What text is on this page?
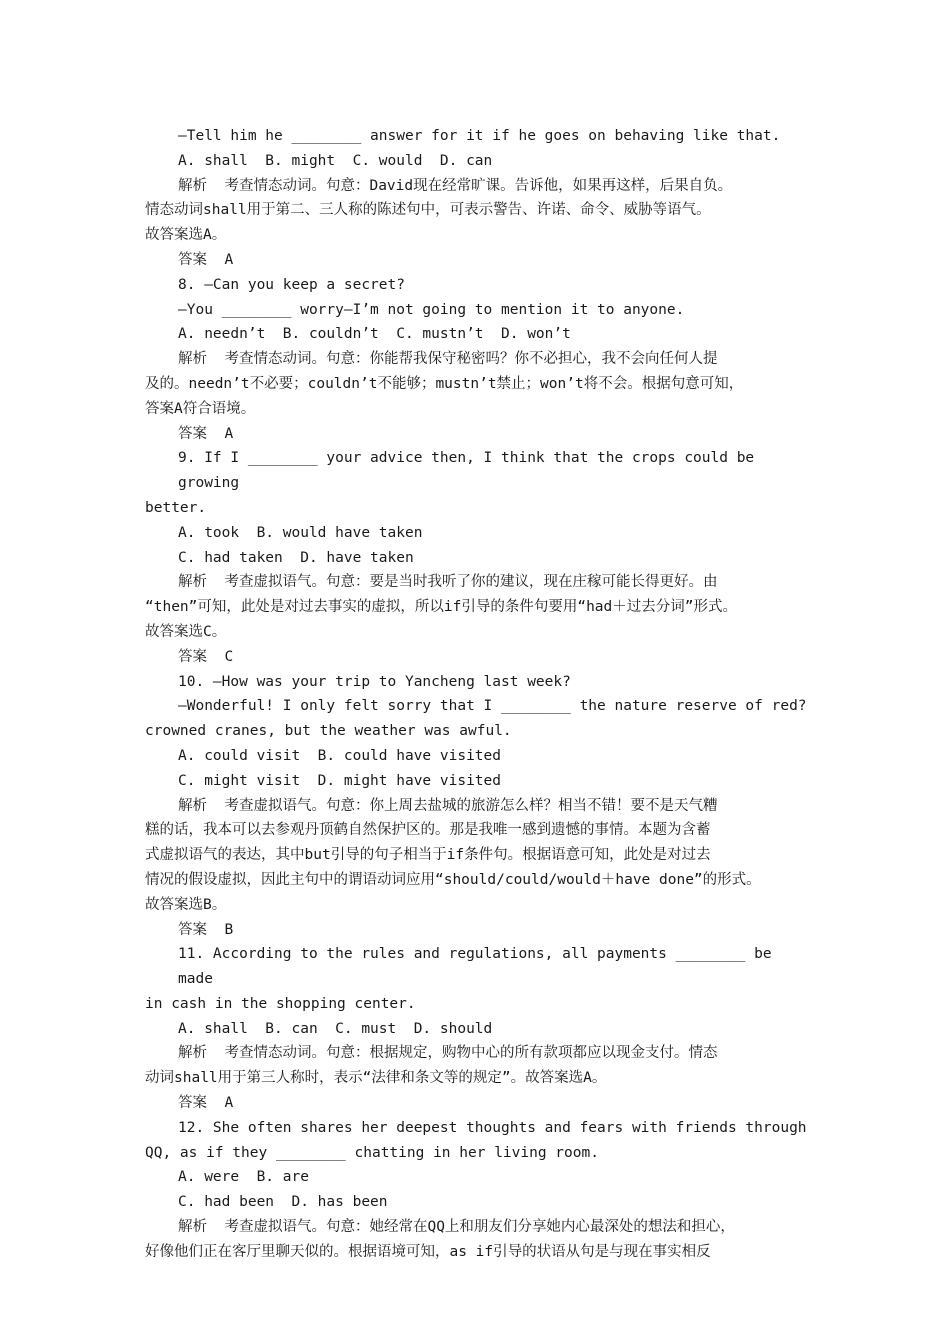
—Tell him he ________ answer for it if he goes on behaving like that.
A. shall  B. might  C. would  D. can
解析  考查情态动词。句意：David现在经常旷课。告诉他，如果再这样，后果自负。
情态动词shall用于第二、三人称的陈述句中，可表示警告、许诺、命令、威胁等语气。
故答案选A。
答案  A
8. —Can you keep a secret?
—You ________ worry—I’m not going to mention it to anyone.
A. needn’t  B. couldn’t  C. mustn’t  D. won’t
解析  考查情态动词。句意：你能帮我保守秘密吗？你不必担心，我不会向任何人提
及的。needn’t不必要；couldn’t不能够；mustn’t禁止；won’t将不会。根据句意可知，
答案A符合语境。
答案  A
9. If I ________ your advice then, I think that the crops could be growing
better.
A. took  B. would have taken
C. had taken  D. have taken
解析  考查虚拟语气。句意：要是当时我听了你的建议，现在庄稼可能长得更好。由
“then”可知，此处是对过去事实的虚拟，所以if引导的条件句要用“had＋过去分词”形式。
故答案选C。
答案  C
10. —How was your trip to Yancheng last week?
—Wonderful! I only felt sorry that I ________ the nature reserve of red?
crowned cranes, but the weather was awful.
A. could visit  B. could have visited
C. might visit  D. might have visited
解析  考查虚拟语气。句意：你上周去盐城的旅游怎么样？相当不错！要不是天气糟
糕的话，我本可以去参观丹顶鹤自然保护区的。那是我唯一感到遗憾的事情。本题为含蓄
式虚拟语气的表达，其中but引导的句子相当于if条件句。根据语意可知，此处是对过去
情况的假设虚拟，因此主句中的谓语动词应用“should/could/would＋have done”的形式。
故答案选B。
答案  B
11. According to the rules and regulations, all payments ________ be made
in cash in the shopping center.
A. shall  B. can  C. must  D. should
解析  考查情态动词。句意：根据规定，购物中心的所有款项都应以现金支付。情态
动词shall用于第三人称时，表示“法律和条文等的规定”。故答案选A。
答案  A
12. She often shares her deepest thoughts and fears with friends through
QQ, as if they ________ chatting in her living room.
A. were  B. are
C. had been  D. has been
解析  考查虚拟语气。句意：她经常在QQ上和朋友们分享她内心最深处的想法和担心，
好像他们正在客厅里聊天似的。根据语境可知，as if引导的状语从句是与现在事实相反
